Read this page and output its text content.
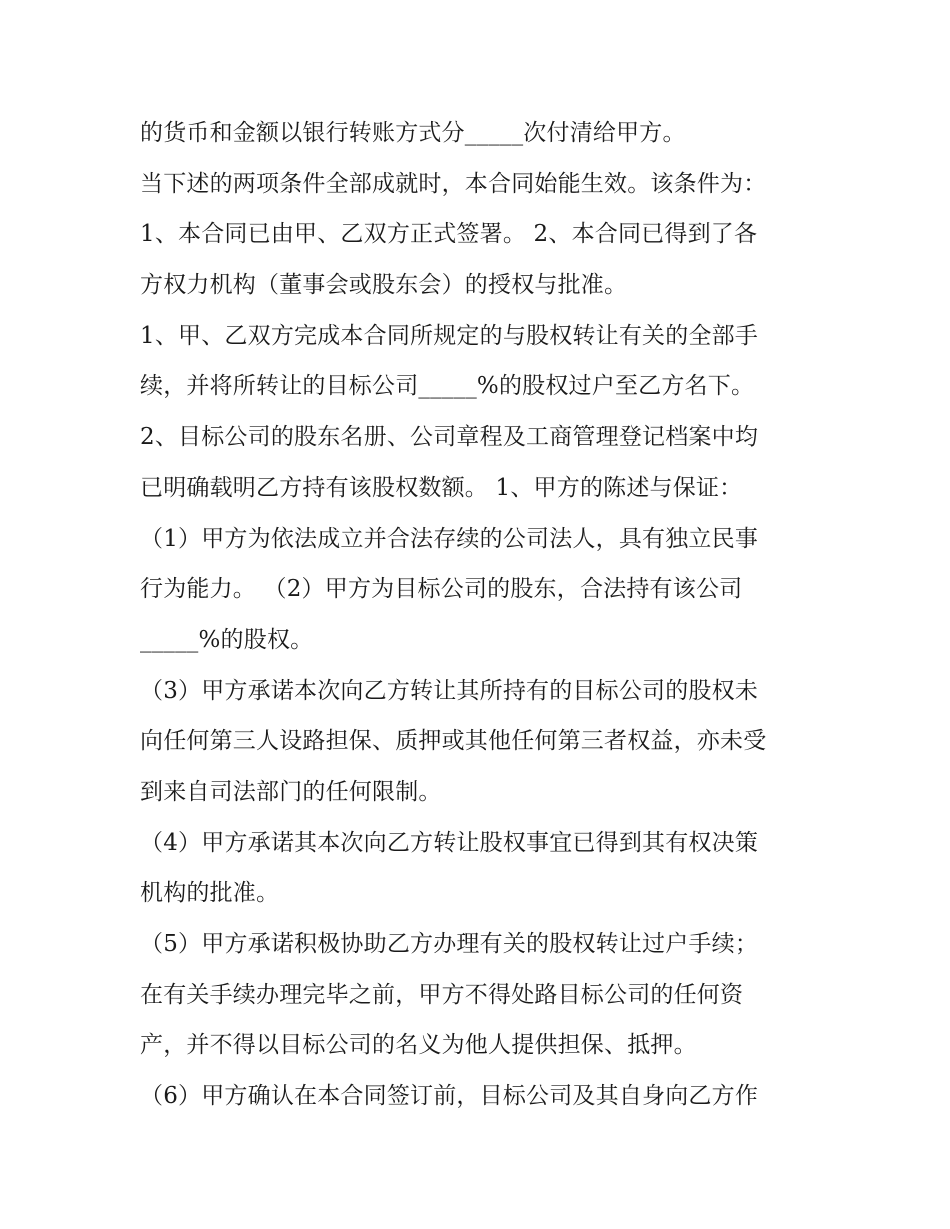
的货币和金额以银行转账方式分_____次付清给甲方。
当下述的两项条件全部成就时，本合同始能生效。该条件为：
1、本合同已由甲、乙双方正式签署。 2、本合同已得到了各
方权力机构（董事会或股东会）的授权与批准。
1、甲、乙双方完成本合同所规定的与股权转让有关的全部手
续，并将所转让的目标公司_____%的股权过户至乙方名下。
2、目标公司的股东名册、公司章程及工商管理登记档案中均
已明确载明乙方持有该股权数额。 1、甲方的陈述与保证：
（1）甲方为依法成立并合法存续的公司法人，具有独立民事
行为能力。 （2）甲方为目标公司的股东，合法持有该公司
_____%的股权。
（3）甲方承诺本次向乙方转让其所持有的目标公司的股权未
向任何第三人设路担保、质押或其他任何第三者权益，亦未受
到来自司法部门的任何限制。
（4）甲方承诺其本次向乙方转让股权事宜已得到其有权决策
机构的批准。
（5）甲方承诺积极协助乙方办理有关的股权转让过户手续；
在有关手续办理完毕之前，甲方不得处路目标公司的任何资
产，并不得以目标公司的名义为他人提供担保、抵押。
（6）甲方确认在本合同签订前，目标公司及其自身向乙方作
